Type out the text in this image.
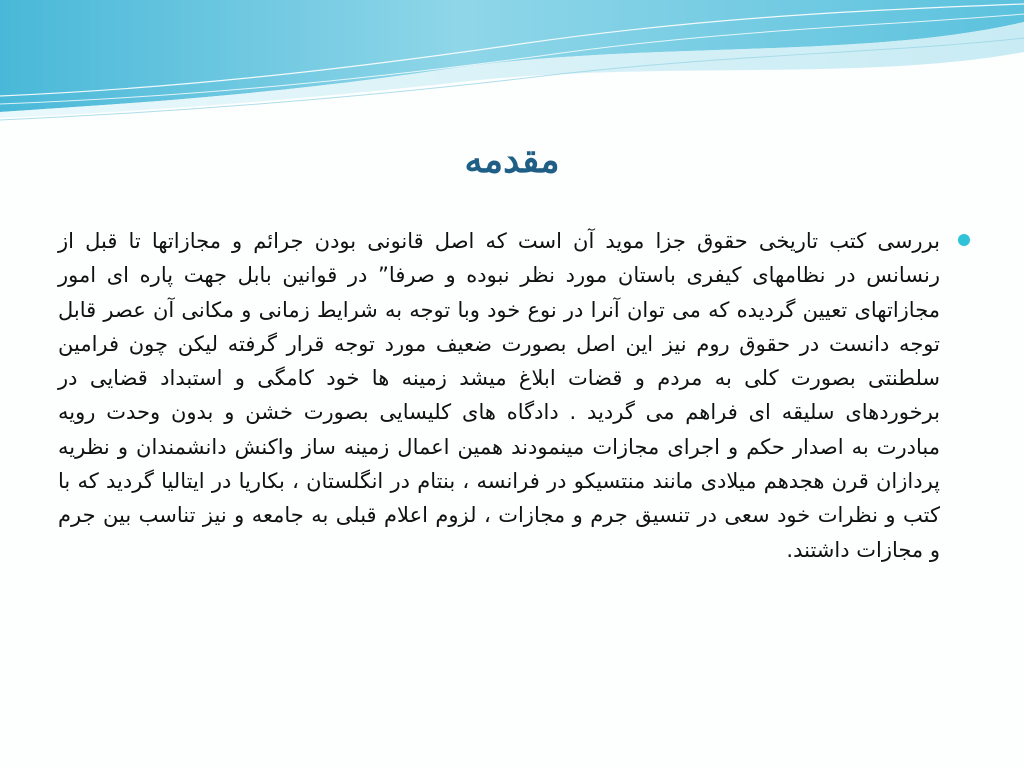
مقدمه
بررسی کتب تاریخی حقوق جزا موید آن است که اصل قانونی بودن جرائم و مجازاتها تا قبل از رنسانس در نظامهای کیفری باستان مورد نظر نبوده و صرفا” در قوانین بابل جهت پاره ای امور مجازاتهای تعیین گردیده که می توان آنرا در نوع خود وبا توجه به شرایط زمانی و مکانی آن عصر قابل توجه دانست در حقوق روم نیز این اصل بصورت ضعیف مورد توجه قرار گرفته لیکن چون فرامین سلطنتی بصورت کلی به مردم و قضات ابلاغ میشد زمینه ها خود کامگی و استبداد قضایی در برخوردهای سلیقه ای فراهم می گردید . دادگاه های کلیسایی بصورت خشن و بدون وحدت رویه مبادرت به اصدار حکم و اجرای مجازات مینمودند همین اعمال زمینه ساز واکنش دانشمندان و نظریه پردازان قرن هجدهم میلادی مانند منتسیکو در فرانسه ، بنتام در انگلستان ، بکاریا در ایتالیا گردید که با کتب و نظرات خود سعی در تنسیق جرم و مجازات ، لزوم اعلام قبلی به جامعه و نیز تناسب بین جرم و مجازات داشتند.
